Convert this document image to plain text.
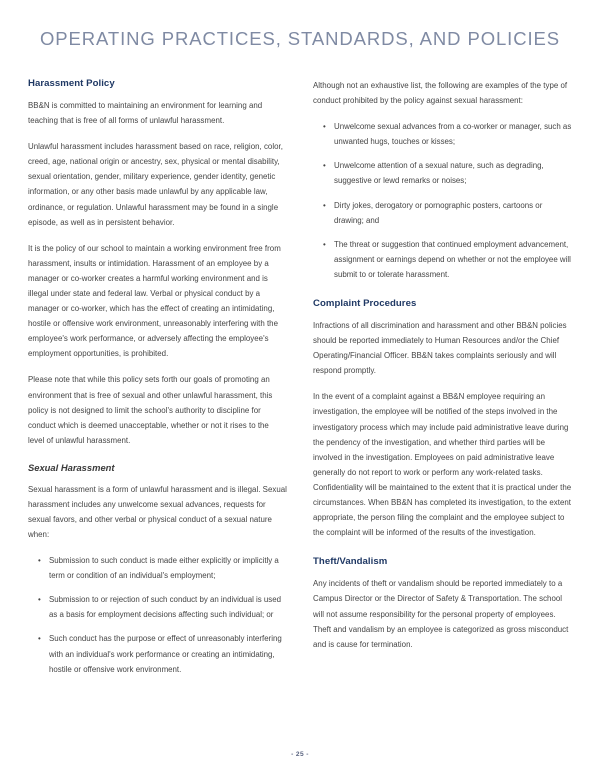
OPERATING PRACTICES, STANDARDS, AND POLICIES
Harassment Policy

BB&N is committed to maintaining an environment for learning and teaching that is free of all forms of unlawful harassment.

Unlawful harassment includes harassment based on race, religion, color, creed, age, national origin or ancestry, sex, physical or mental disability, sexual orientation, gender, military experience, gender identity, genetic information, or any other basis made unlawful by any applicable law, ordinance, or regulation. Unlawful harassment may be found in a single episode, as well as in persistent behavior.

It is the policy of our school to maintain a working environment free from harassment, insults or intimidation. Harassment of an employee by a manager or co-worker creates a harmful working environment and is illegal under state and federal law. Verbal or physical conduct by a manager or co-worker, which has the effect of creating an intimidating, hostile or offensive work environment, unreasonably interfering with the employee's work performance, or adversely affecting the employee's employment opportunities, is prohibited.

Please note that while this policy sets forth our goals of promoting an environment that is free of sexual and other unlawful harassment, this policy is not designed to limit the school's authority to discipline for conduct which is deemed unacceptable, whether or not it rises to the level of unlawful harassment.

Sexual Harassment

Sexual harassment is a form of unlawful harassment and is illegal. Sexual harassment includes any unwelcome sexual advances, requests for sexual favors, and other verbal or physical conduct of a sexual nature when:

• Submission to such conduct is made either explicitly or implicitly a term or condition of an individual's employment;
• Submission to or rejection of such conduct by an individual is used as a basis for employment decisions affecting such individual; or
• Such conduct has the purpose or effect of unreasonably interfering with an individual's work performance or creating an intimidating, hostile or offensive work environment.

Although not an exhaustive list, the following are examples of the type of conduct prohibited by the policy against sexual harassment:

• Unwelcome sexual advances from a co-worker or manager, such as unwanted hugs, touches or kisses;
• Unwelcome attention of a sexual nature, such as degrading, suggestive or lewd remarks or noises;
• Dirty jokes, derogatory or pornographic posters, cartoons or drawing; and
• The threat or suggestion that continued employment advancement, assignment or earnings depend on whether or not the employee will submit to or tolerate harassment.
Complaint Procedures

Infractions of all discrimination and harassment and other BB&N policies should be reported immediately to Human Resources and/or the Chief Operating/Financial Officer. BB&N takes complaints seriously and will respond promptly.

In the event of a complaint against a BB&N employee requiring an investigation, the employee will be notified of the steps involved in the investigatory process which may include paid administrative leave during the pendency of the investigation, and whether third parties will be involved in the investigation. Employees on paid administrative leave generally do not report to work or perform any work-related tasks. Confidentiality will be maintained to the extent that it is practical under the circumstances. When BB&N has completed its investigation, to the extent appropriate, the person filing the complaint and the employee subject to the complaint will be informed of the results of the investigation.

Theft/Vandalism

Any incidents of theft or vandalism should be reported immediately to a Campus Director or the Director of Safety & Transportation. The school will not assume responsibility for the personal property of employees. Theft and vandalism by an employee is categorized as gross misconduct and is cause for termination.

- 25 -
